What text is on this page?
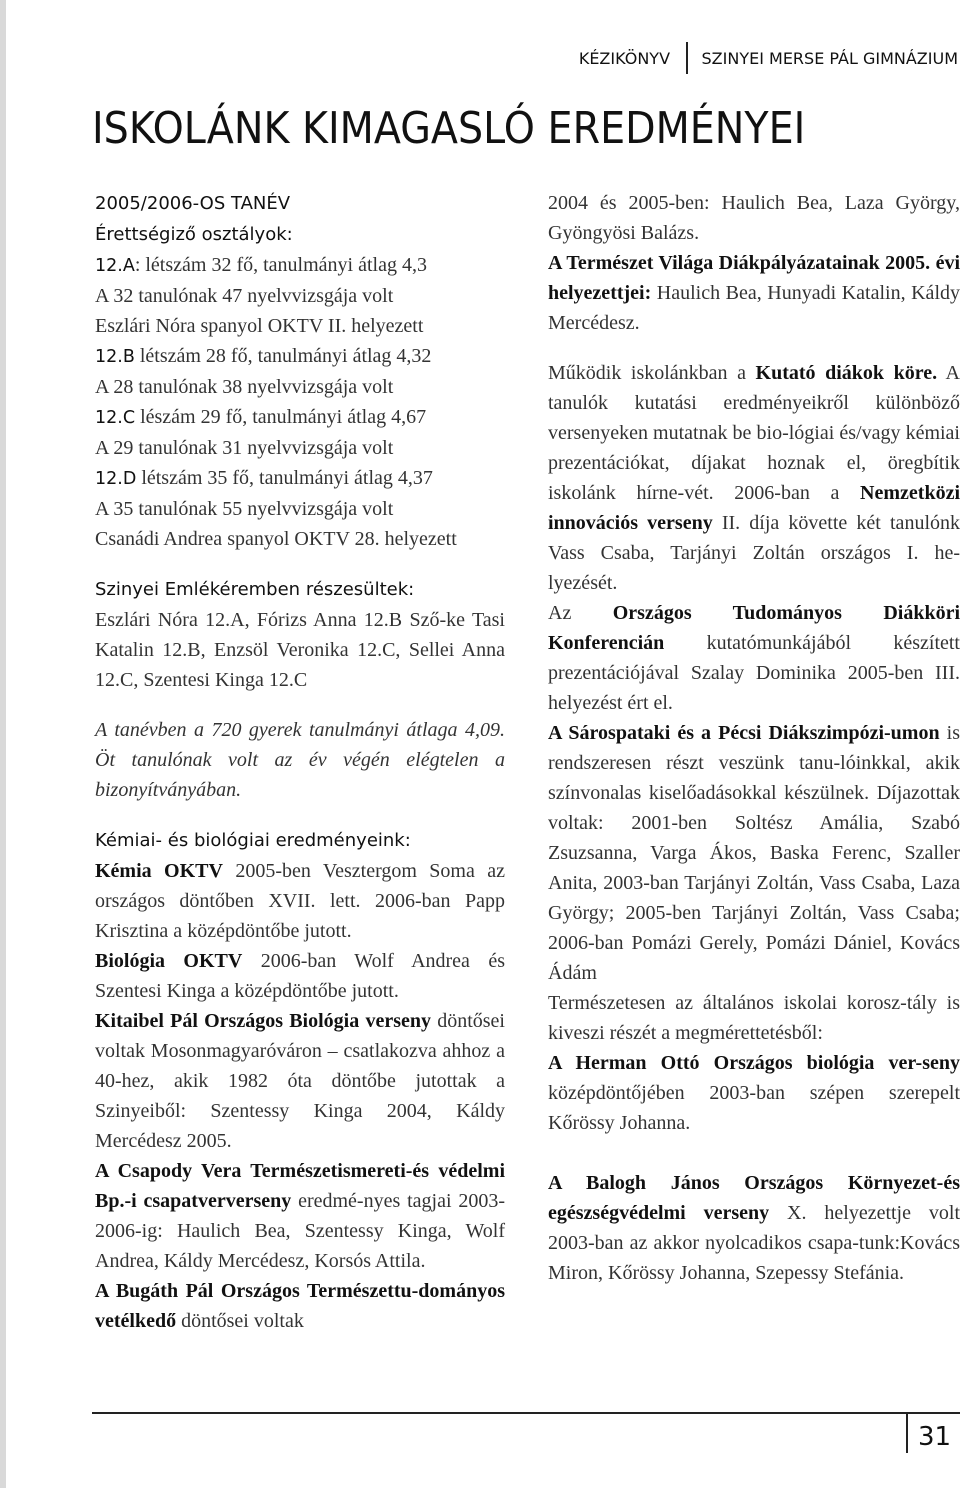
KÉZIKÖNYV	SZINYEI MERSE PÁL GIMNÁZIUM
ISKOLÁNK KIMAGASLÓ EREDMÉNYEI

2005/2006-OS TANÉV

Érettségiző osztályok:

12.A: létszám 32 fő, tanulmányi átlag 4,3

A 32 tanulónak 47 nyelvvizsgája volt

Eszlári Nóra spanyol OKTV II. helyezett

12.B létszám 28 fő, tanulmányi átlag 4,32

A 28 tanulónak 38 nyelvvizsgája volt

12.C lészám 29 fő, tanulmányi átlag 4,67

A 29 tanulónak 31 nyelvvizsgája volt

12.D létszám 35 fő, tanulmányi átlag 4,37

A 35 tanulónak 55 nyelvvizsgája volt

Csanádi Andrea spanyol OKTV 28. helyezett

Szinyei Emlékéremben részesültek:

Eszlári Nóra 12.A, Fórizs Anna 12.B Sző-ke Tasi Katalin 12.B, Enzsöl Veronika 12.C, Sellei Anna 12.C, Szentesi Kinga 12.C

A tanévben a 720 gyerek tanulmányi átlaga 4,09. Öt tanulónak volt az év végén elégtelen a bizonyítványában.

Kémiai- és biológiai eredményeink:

Kémia OKTV 2005-ben Vesztergom Soma az országos döntőben XVII. lett. 2006-ban Papp Krisztina a középdöntőbe jutott.

Biológia OKTV 2006-ban Wolf Andrea és Szentesi Kinga a középdöntőbe jutott.

Kitaibel Pál Országos Biológia verseny döntősei voltak Mosonmagyaróváron – csatlakozva ahhoz a 40-hez, akik 1982 óta döntőbe jutottak a Szinyeiből: Szentessy Kinga 2004, Káldy Mercédesz 2005.

A Csapody Vera Természetismereti-és védelmi Bp.-i csapatververseny eredmé-nyes tagjai 2003-2006-ig: Haulich Bea, Szentessy Kinga, Wolf Andrea, Káldy Mercédesz, Korsós Attila.

A Bugáth Pál Országos Természettu-dományos vetélkedő döntősei voltak

2004 és 2005-ben: Haulich Bea, Laza György, Gyöngyösi Balázs.

A Természet Világa Diákpályázatainak 2005. évi helyezettjei: Haulich Bea, Hunyadi Katalin, Káldy Mercédesz.

Működik iskolánkban a Kutató diákok köre. A tanulók kutatási eredményeikről különböző versenyeken mutatnak be bio-lógiai és/vagy kémiai prezentációkat, díjakat hoznak el, öregbítik iskolánk hírne-vét. 2006-ban a Nemzetközi innovációs verseny II. díja követte két tanulónk Vass Csaba, Tarjányi Zoltán országos I. he-lyezését.

Az Országos Tudományos Diákköri Konferencián kutatómunkájából készített prezentációjával Szalay Dominika 2005-ben III. helyezést ért el.

A Sárospataki és a Pécsi Diákszimpózi-umon is rendszeresen részt veszünk tanu-lóinkkal, akik színvonalas kiselőadásokkal készülnek. Díjazottak voltak: 2001-ben Soltész Amália, Szabó Zsuzsanna, Varga Ákos, Baska Ferenc, Szaller Anita, 2003-ban Tarjányi Zoltán, Vass Csaba, Laza György; 2005-ben Tarjányi Zoltán, Vass Csaba; 2006-ban Pomázi Gerely, Pomázi Dániel, Kovács Ádám

Természetesen az általános iskolai korosz-tály is kiveszi részét a megmérettetésből:

A Herman Ottó Országos biológia ver-seny középdöntőjében 2003-ban szépen szerepelt Kőrössy Johanna.

A Balogh János Országos Környezet-és egészségvédelmi verseny X. helyezettje volt 2003-ban az akkor nyolcadikos csapa-tunk:Kovács Miron, Kőrössy Johanna, Szepessy Stefánia.

31
